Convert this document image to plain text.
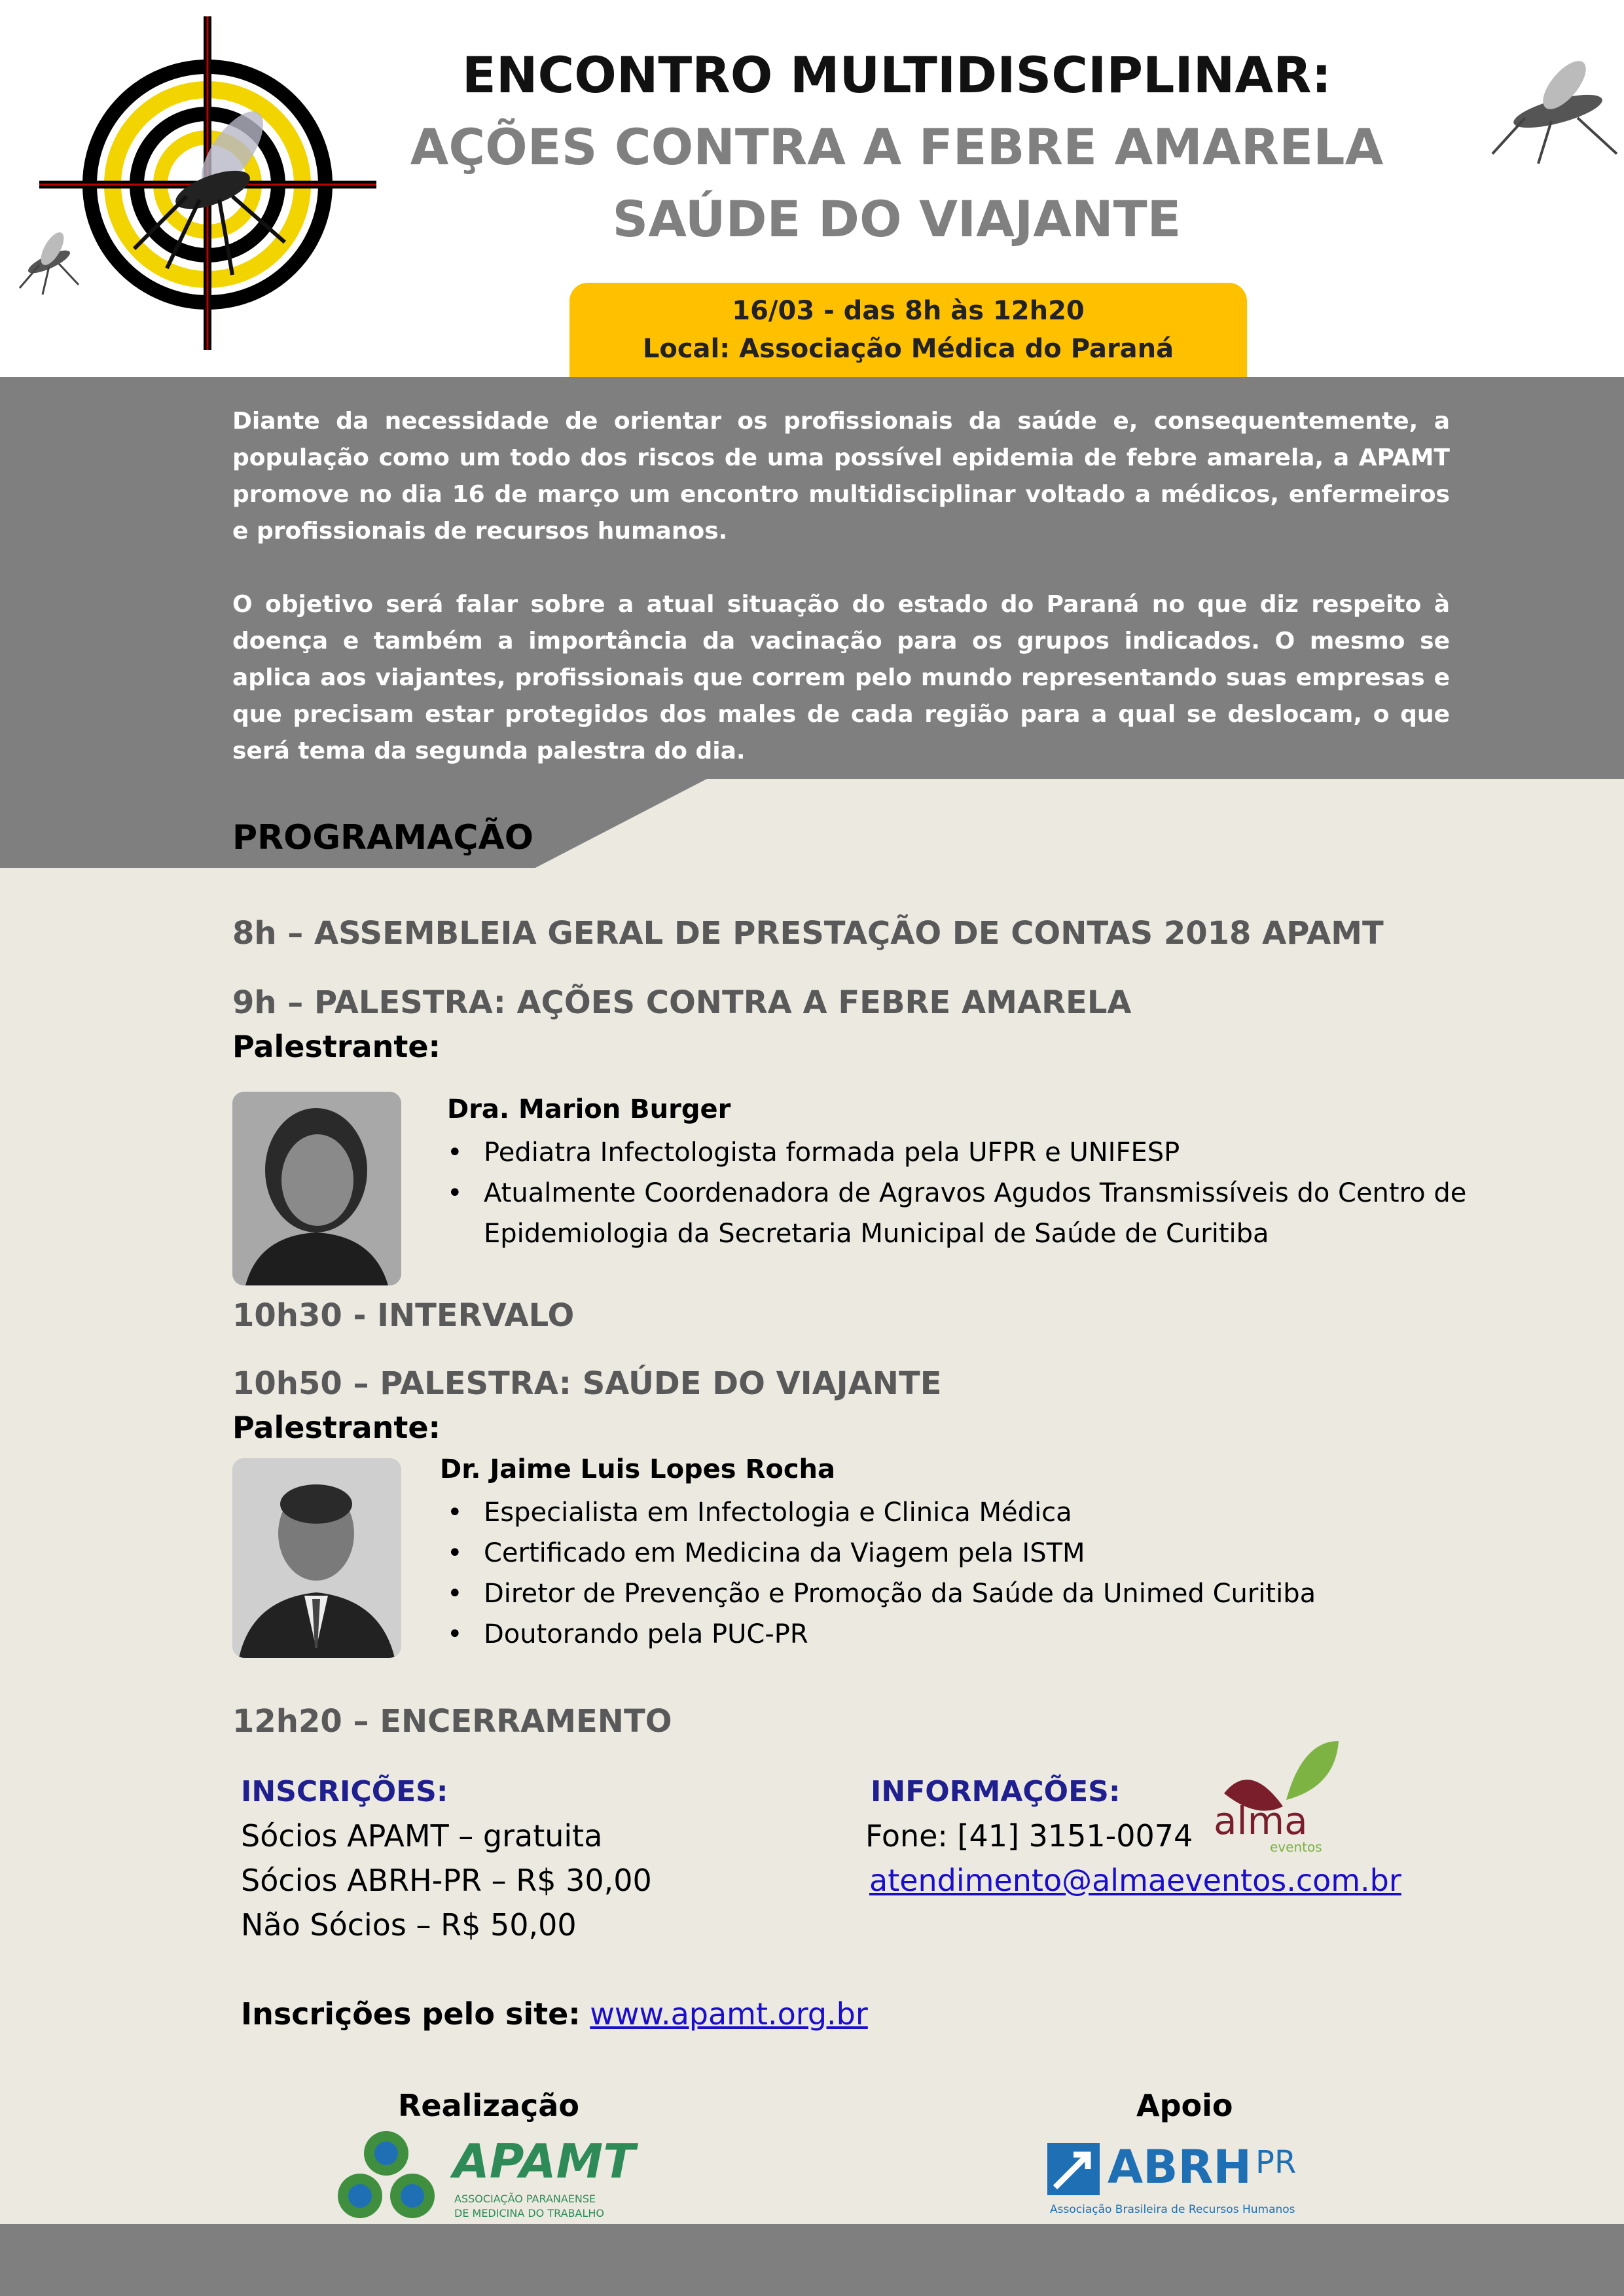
ENCONTRO MULTIDISCIPLINAR:
AÇÕES CONTRA A FEBRE AMARELA
SAÚDE DO VIAJANTE
16/03 - das 8h às 12h20
Local: Associação Médica do Paraná
Diante da necessidade de orientar os profissionais da saúde e, consequentemente, a população como um todo dos riscos de uma possível epidemia de febre amarela, a APAMT promove no dia 16 de março um encontro multidisciplinar voltado a médicos, enfermeiros e profissionais de recursos humanos.
O objetivo será falar sobre a atual situação do estado do Paraná no que diz respeito à doença e também a importância da vacinação para os grupos indicados. O mesmo se aplica aos viajantes, profissionais que correm pelo mundo representando suas empresas e que precisam estar protegidos dos males de cada região para a qual se deslocam, o que será tema da segunda palestra do dia.
PROGRAMAÇÃO
8h – ASSEMBLEIA GERAL DE PRESTAÇÃO DE CONTAS 2018 APAMT
9h – PALESTRA: AÇÕES CONTRA A FEBRE AMARELA
Palestrante:
Dra. Marion Burger
• Pediatra Infectologista formada pela UFPR e UNIFESP
• Atualmente Coordenadora de Agravos Agudos Transmissíveis do Centro de Epidemiologia da Secretaria Municipal de Saúde de Curitiba
10h30 - INTERVALO
10h50 – PALESTRA: SAÚDE DO VIAJANTE
Palestrante:
Dr. Jaime Luis Lopes Rocha
• Especialista em Infectologia e Clinica Médica
• Certificado em Medicina da Viagem pela ISTM
• Diretor de Prevenção e Promoção da Saúde da Unimed Curitiba
• Doutorando pela PUC-PR
12h20 – ENCERRAMENTO
INSCRIÇÕES:
Sócios APAMT – gratuita
Sócios ABRH-PR – R$ 30,00
Não Sócios – R$ 50,00
INFORMAÇÕES:
Fone: [41] 3151-0074
atendimento@almaeventos.com.br
alma
eventos
Inscrições pelo site: www.apamt.org.br
Realização	Apoio
APAMT
ASSOCIAÇÃO PARANAENSE
DE MEDICINA DO TRABALHO
ABRH PR
Associação Brasileira de Recursos Humanos
